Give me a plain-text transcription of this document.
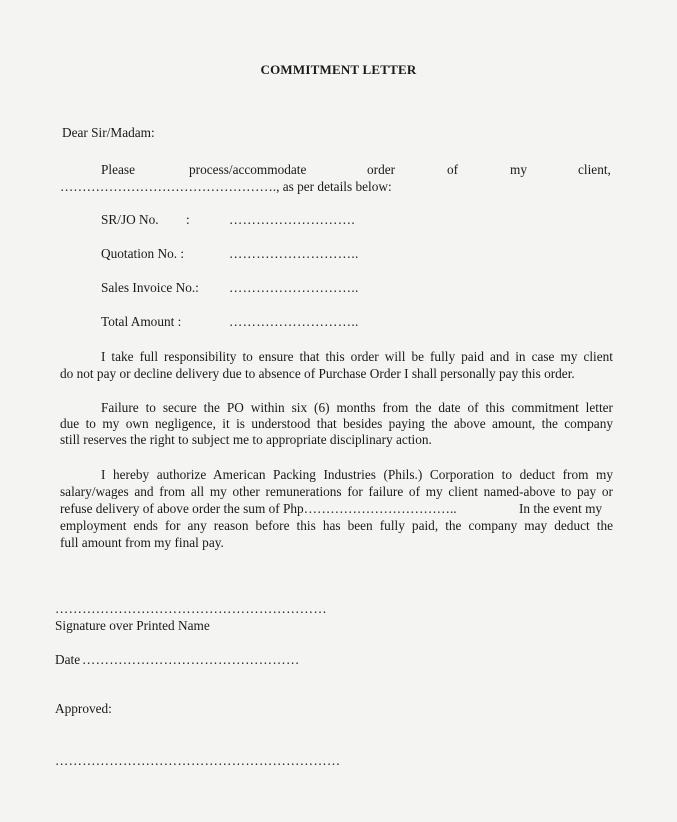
COMMITMENT LETTER
Dear Sir/Madam:
Please	process/accommodate	order	of	my	client,
…………………………………………., as per details below:
SR/JO No. :	……………………….
Quotation No. :	………………………..
Sales Invoice No.: ………………………..
Total Amount :	………………………..
I take full responsibility to ensure that this order will be fully paid and in case my client
do not pay or decline delivery due to absence of Purchase Order I shall personally pay this order.
Failure to secure the PO within six (6) months from the date of this commitment letter
due to my own negligence, it is understood that besides paying the above amount, the company
still reserves the right to subject me to appropriate disciplinary action.
I hereby authorize American Packing Industries (Phils.) Corporation to deduct from my
salary/wages and from all my other remunerations for failure of my client named-above to pay or
refuse delivery of above order the sum of Php……………………………..	In the event my
employment ends for any reason before this has been fully paid, the company may deduct the
full amount from my final pay.
……………………………………………………
Signature over Printed Name
Date …………………………………………
Approved:
………………………………………………………
